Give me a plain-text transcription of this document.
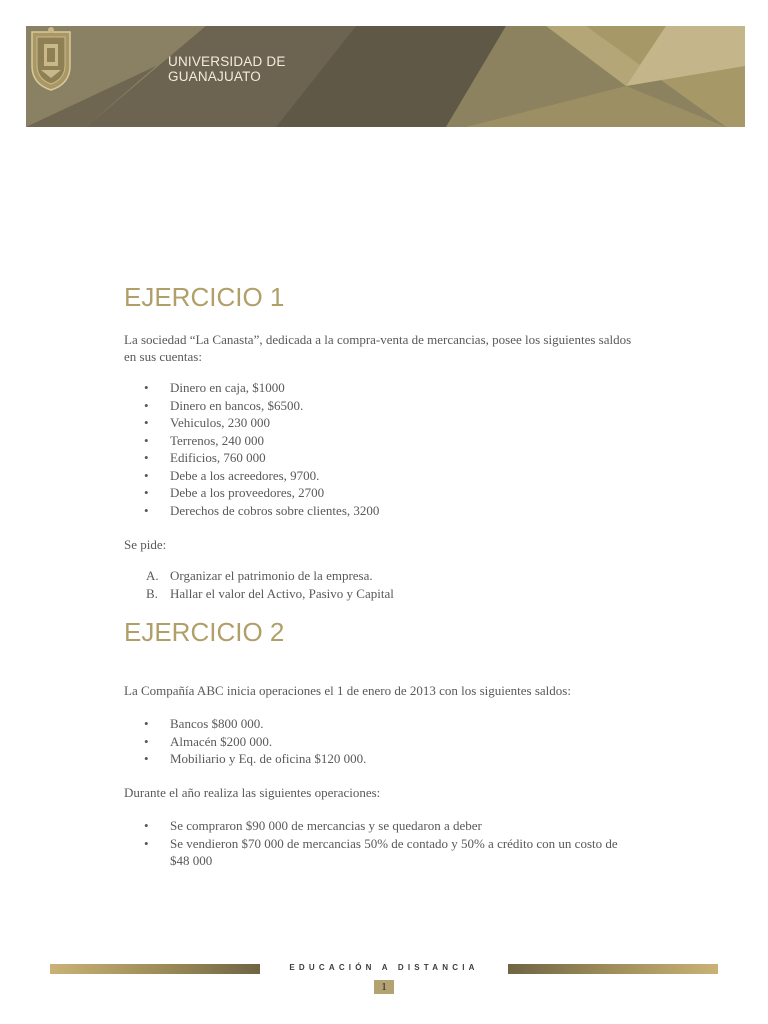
UNIVERSIDAD DE
GUANAJUATO
EJERCICIO 1

La sociedad “La Canasta”, dedicada a la compra-venta de mercancias, posee los siguientes saldos en sus cuentas:

• Dinero en caja, $1000
• Dinero en bancos, $6500.
• Vehiculos, 230 000
• Terrenos, 240 000
• Edificios, 760 000
• Debe a los acreedores, 9700.
• Debe a los proveedores, 2700
• Derechos de cobros sobre clientes, 3200

Se pide:

A. Organizar el patrimonio de la empresa.
B. Hallar el valor del Activo, Pasivo y Capital
EJERCICIO 2

La Compañía ABC inicia operaciones el 1 de enero de 2013 con los siguientes saldos:

• Bancos $800 000.
• Almacén $200 000.
• Mobiliario y Eq. de oficina $120 000.

Durante el año realiza las siguientes operaciones:

• Se compraron $90 000 de mercancias y se quedaron a deber
• Se vendieron $70 000 de mercancias 50% de contado y 50% a crédito con un costo de $48 000
EDUCACIÓN A DISTANCIA
1
